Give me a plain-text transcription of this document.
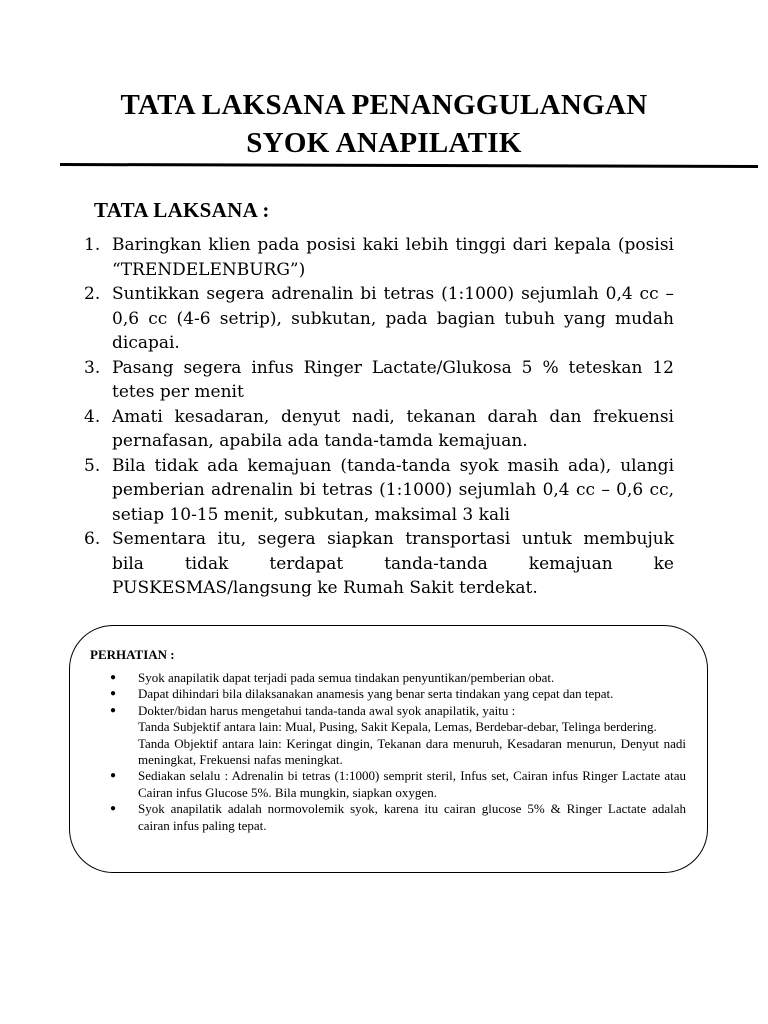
TATA LAKSANA PENANGGULANGAN
SYOK ANAPILATIK
TATA LAKSANA :
1. Baringkan klien pada posisi kaki lebih tinggi dari kepala (posisi “TRENDELENBURG”)
2. Suntikkan segera adrenalin bi tetras (1:1000) sejumlah 0,4 cc – 0,6 cc (4-6 setrip), subkutan, pada bagian tubuh yang mudah dicapai.
3. Pasang segera infus Ringer Lactate/Glukosa 5 % teteskan 12 tetes per menit
4. Amati kesadaran, denyut nadi, tekanan darah dan frekuensi pernafasan, apabila ada tanda-tamda kemajuan.
5. Bila tidak ada kemajuan (tanda-tanda syok masih ada), ulangi pemberian adrenalin bi tetras (1:1000) sejumlah 0,4 cc – 0,6 cc, setiap 10-15 menit, subkutan, maksimal 3 kali
6. Sementara itu, segera siapkan transportasi untuk membujuk bila tidak terdapat tanda-tanda kemajuan ke PUSKESMAS/langsung ke Rumah Sakit terdekat.

PERHATIAN :

●	Syok anapilatik dapat terjadi pada semua tindakan penyuntikan/pemberian obat.
●	Dapat dihindari bila dilaksanakan anamesis yang benar serta tindakan yang cepat dan tepat.
●	Dokter/bidan harus mengetahui tanda-tanda awal syok anapilatik, yaitu :
Tanda Subjektif antara lain: Mual, Pusing, Sakit Kepala, Lemas, Berdebar-debar, Telinga berdering.
Tanda Objektif antara lain: Keringat dingin, Tekanan dara menuruh, Kesadaran menurun, Denyut nadi meningkat, Frekuensi nafas meningkat.
●	Sediakan selalu : Adrenalin bi tetras (1:1000) semprit steril, Infus set, Cairan infus Ringer Lactate atau Cairan infus Glucose 5%. Bila mungkin, siapkan oxygen.
●	Syok anapilatik adalah normovolemik syok, karena itu cairan glucose 5% & Ringer Lactate adalah cairan infus paling tepat.
